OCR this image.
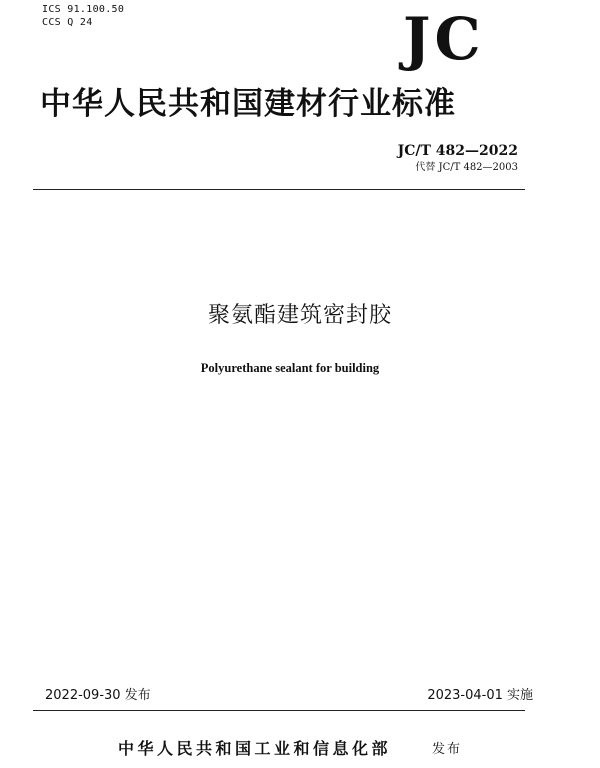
ICS 91.100.50
CCS Q 24	JC
中华人民共和国建材行业标准
JC/T 482—2022
代替 JC/T 482—2003
聚氨酯建筑密封胶
Polyurethane sealant for building
2022-09-30 发布	2023-04-01 实施
中华人民共和国工业和信息化部	发布
